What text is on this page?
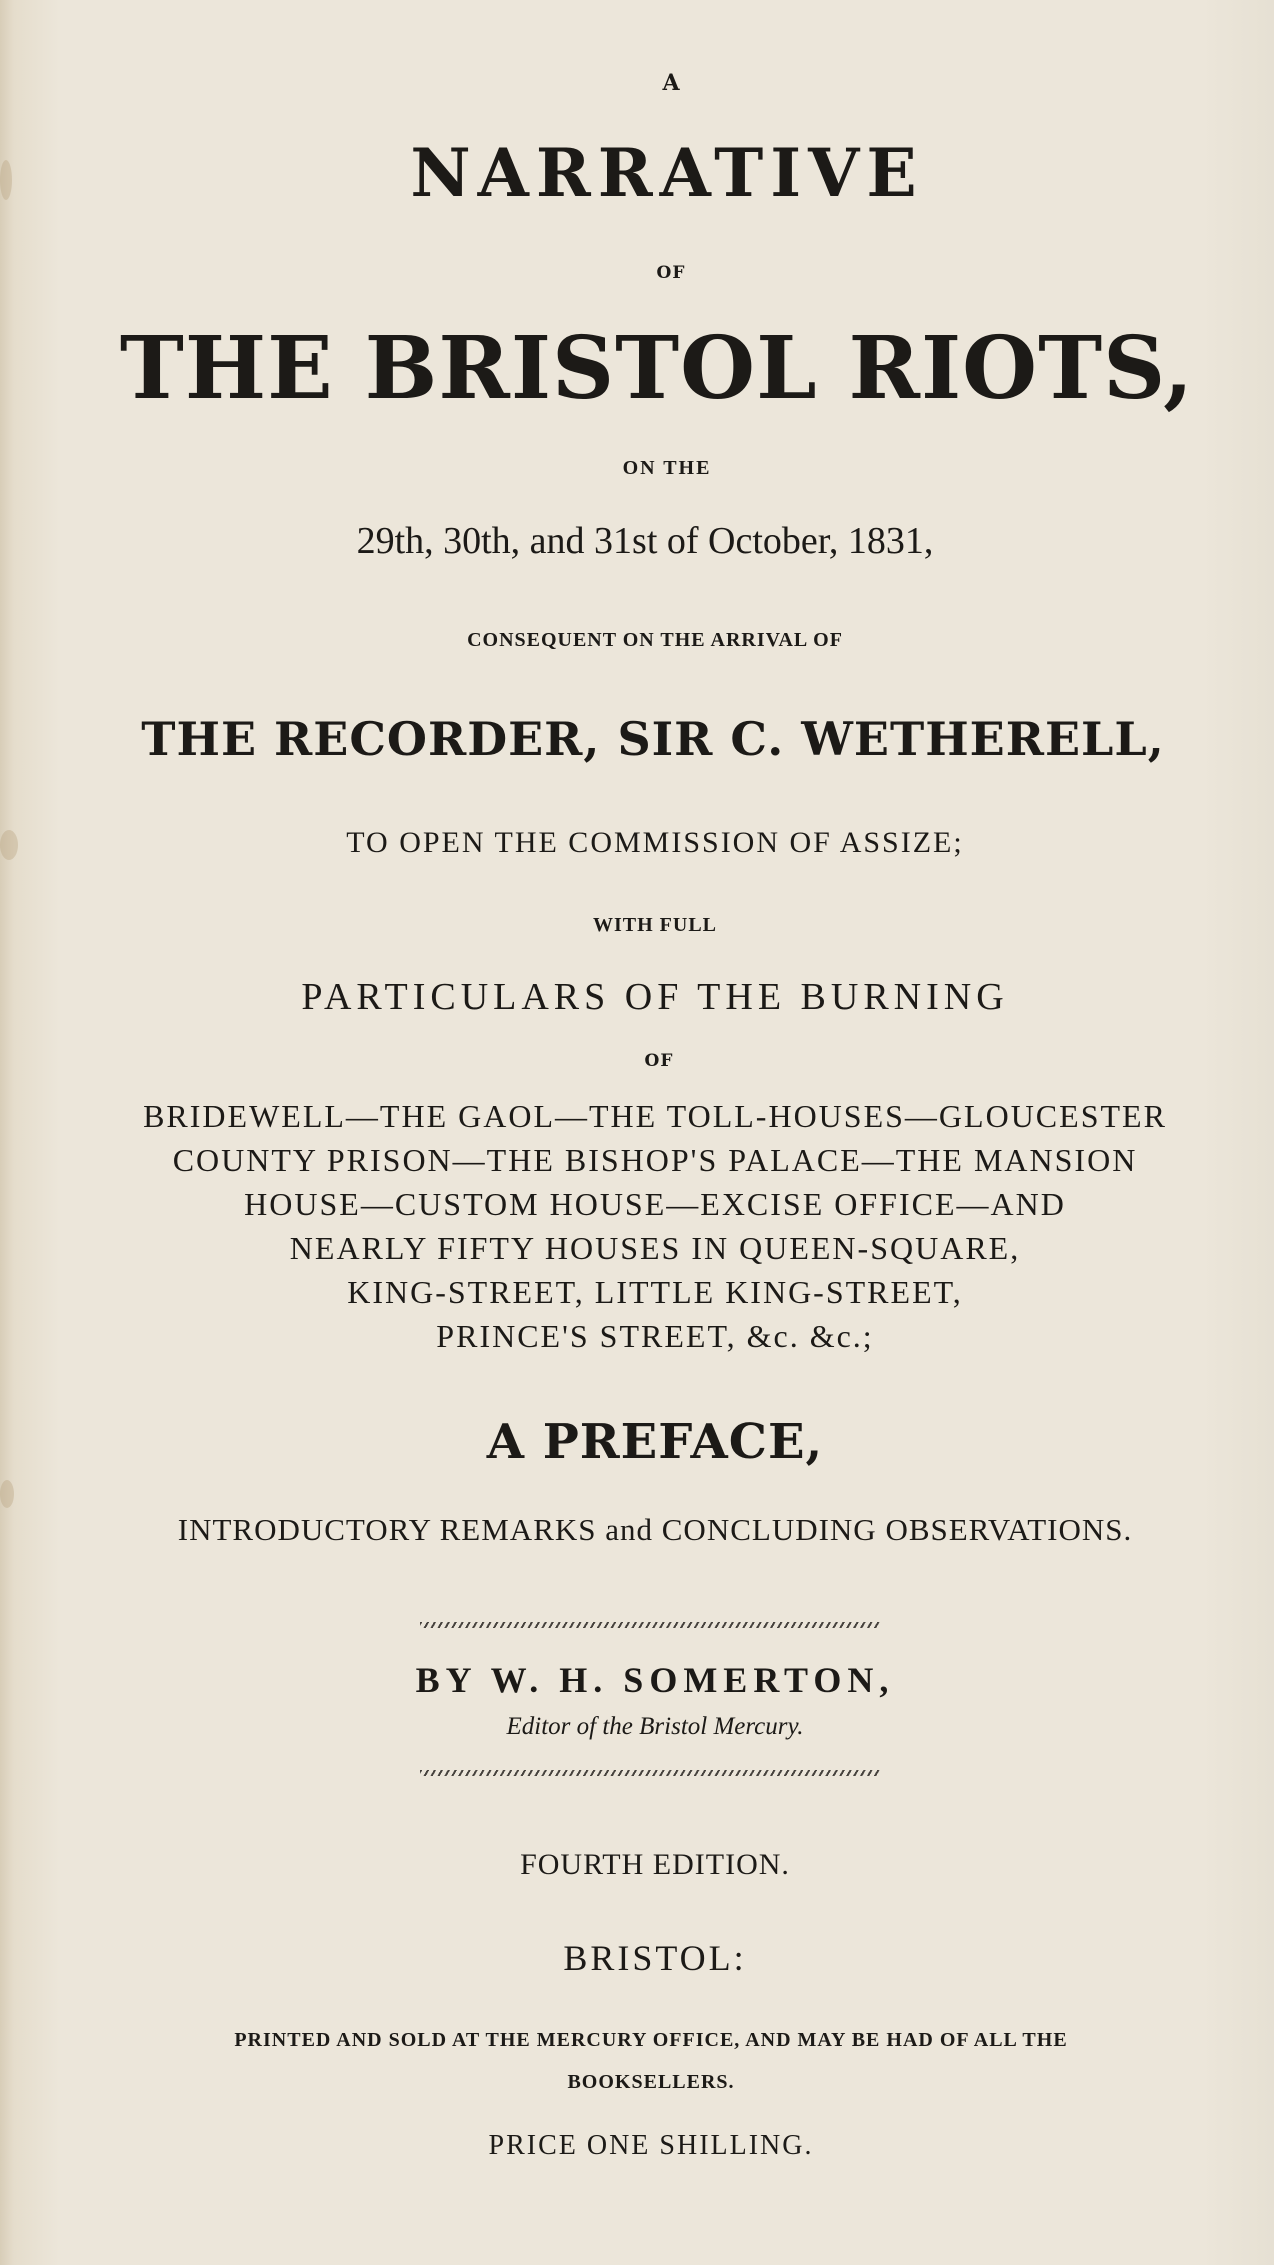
A
NARRATIVE
OF
THE BRISTOL RIOTS,
ON THE
29th, 30th, and 31st of October, 1831,
CONSEQUENT ON THE ARRIVAL OF
THE RECORDER, SIR C. WETHERELL,
TO OPEN THE COMMISSION OF ASSIZE;
WITH FULL
PARTICULARS OF THE BURNING
OF
BRIDEWELL—THE GAOL—THE TOLL-HOUSES—GLOUCESTER
COUNTY PRISON—THE BISHOP'S PALACE—THE MANSION
HOUSE—CUSTOM HOUSE—EXCISE OFFICE—AND
NEARLY FIFTY HOUSES IN QUEEN-SQUARE,
KING-STREET, LITTLE KING-STREET,
PRINCE'S STREET, &c. &c.;
A PREFACE,
INTRODUCTORY REMARKS and CONCLUDING OBSERVATIONS.
BY W. H. SOMERTON,
Editor of the Bristol Mercury.
FOURTH EDITION.
BRISTOL:
PRINTED AND SOLD AT THE MERCURY OFFICE, AND MAY BE HAD OF ALL THE
BOOKSELLERS.
PRICE ONE SHILLING.
